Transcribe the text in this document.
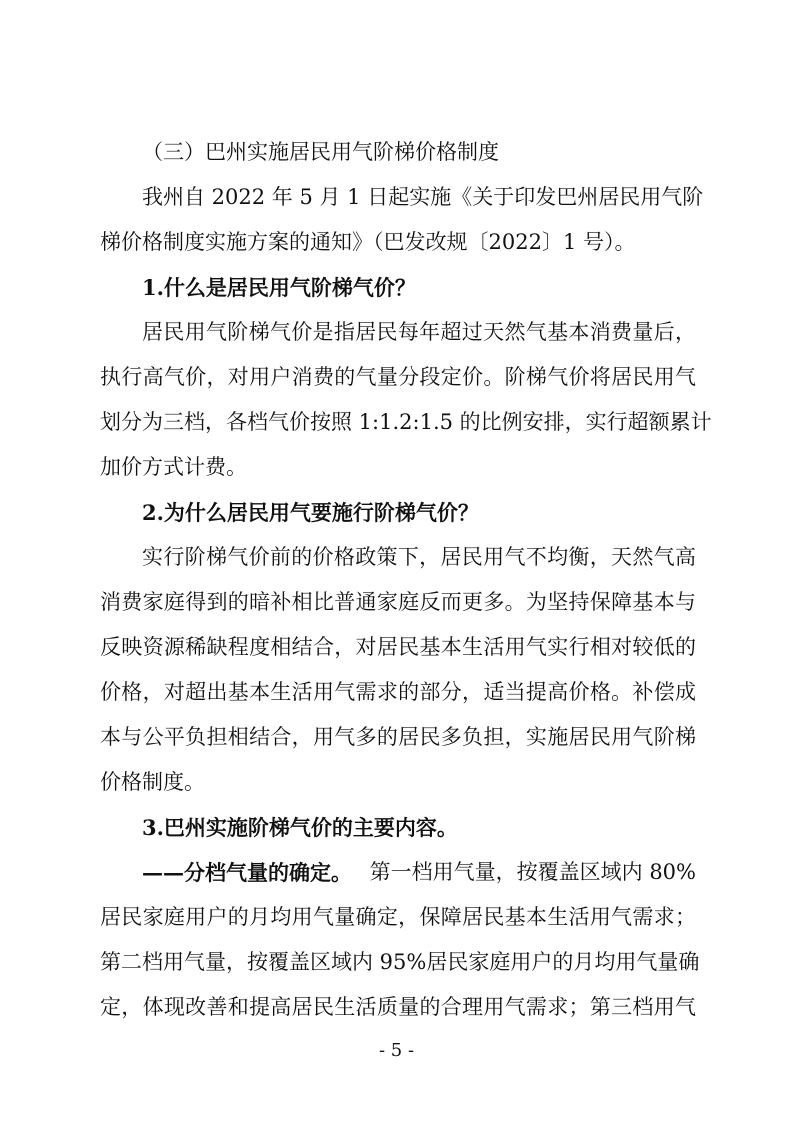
（三）巴州实施居民用气阶梯价格制度
我州自 2022 年 5 月 1 日起实施《关于印发巴州居民用气阶
梯价格制度实施方案的通知》（巴发改规〔2022〕1 号）。
1.什么是居民用气阶梯气价？
居民用气阶梯气价是指居民每年超过天然气基本消费量后，
执行高气价，对用户消费的气量分段定价。阶梯气价将居民用气
划分为三档，各档气价按照 1:1.2:1.5 的比例安排，实行超额累计
加价方式计费。
2.为什么居民用气要施行阶梯气价？
实行阶梯气价前的价格政策下，居民用气不均衡，天然气高
消费家庭得到的暗补相比普通家庭反而更多。为坚持保障基本与
反映资源稀缺程度相结合，对居民基本生活用气实行相对较低的
价格，对超出基本生活用气需求的部分，适当提高价格。补偿成
本与公平负担相结合，用气多的居民多负担，实施居民用气阶梯
价格制度。
3.巴州实施阶梯气价的主要内容。
——分档气量的确定。 第一档用气量，按覆盖区域内 80%
居民家庭用户的月均用气量确定，保障居民基本生活用气需求；
第二档用气量，按覆盖区域内 95%居民家庭用户的月均用气量确
定，体现改善和提高居民生活质量的合理用气需求；第三档用气
- 5 -
